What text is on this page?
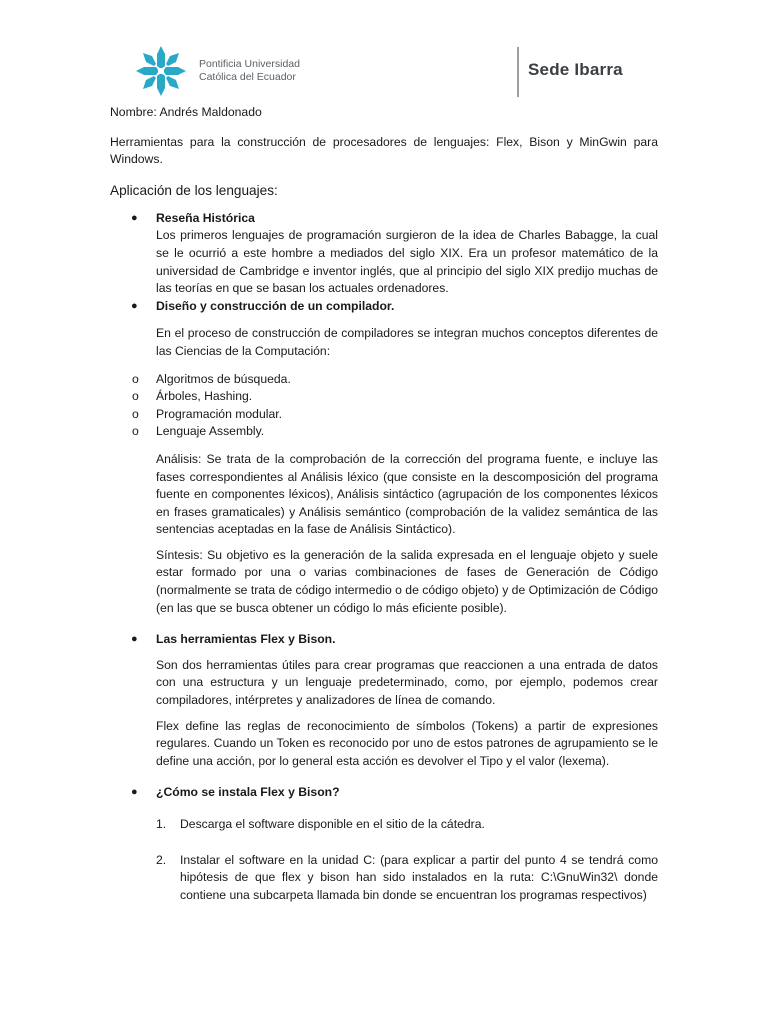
Pontificia Universidad
Católica del Ecuador	Sede Ibarra

Nombre: Andrés Maldonado

Herramientas para la construcción de procesadores de lenguajes: Flex, Bison y MinGwin para Windows.

Aplicación de los lenguajes:

● Reseña Histórica

Los primeros lenguajes de programación surgieron de la idea de Charles Babagge, la cual se le ocurrió a este hombre a mediados del siglo XIX. Era un profesor matemático de la universidad de Cambridge e inventor inglés, que al principio del siglo XIX predijo muchas de las teorías en que se basan los actuales ordenadores.

● Diseño y construcción de un compilador.

En el proceso de construcción de compiladores se integran muchos conceptos diferentes de las Ciencias de la Computación:

o Algoritmos de búsqueda.
o Árboles, Hashing.
o Programación modular.
o Lenguaje Assembly.

Análisis: Se trata de la comprobación de la corrección del programa fuente, e incluye las fases correspondientes al Análisis léxico (que consiste en la descomposición del programa fuente en componentes léxicos), Análisis sintáctico (agrupación de los componentes léxicos en frases gramaticales) y Análisis semántico (comprobación de la validez semántica de las sentencias aceptadas en la fase de Análisis Sintáctico).

Síntesis: Su objetivo es la generación de la salida expresada en el lenguaje objeto y suele estar formado por una o varias combinaciones de fases de Generación de Código (normalmente se trata de código intermedio o de código objeto) y de Optimización de Código (en las que se busca obtener un código lo más eficiente posible).

● Las herramientas Flex y Bison.

Son dos herramientas útiles para crear programas que reaccionen a una entrada de datos con una estructura y un lenguaje predeterminado, como, por ejemplo, podemos crear compiladores, intérpretes y analizadores de línea de comando.

Flex define las reglas de reconocimiento de símbolos (Tokens) a partir de expresiones regulares. Cuando un Token es reconocido por uno de estos patrones de agrupamiento se le define una acción, por lo general esta acción es devolver el Tipo y el valor (lexema).

● ¿Cómo se instala Flex y Bison?

1. Descarga el software disponible en el sitio de la cátedra.

2. Instalar el software en la unidad C: (para explicar a partir del punto 4 se tendrá como hipótesis de que flex y bison han sido instalados en la ruta: C:\GnuWin32\ donde contiene una subcarpeta llamada bin donde se encuentran los programas respectivos)
